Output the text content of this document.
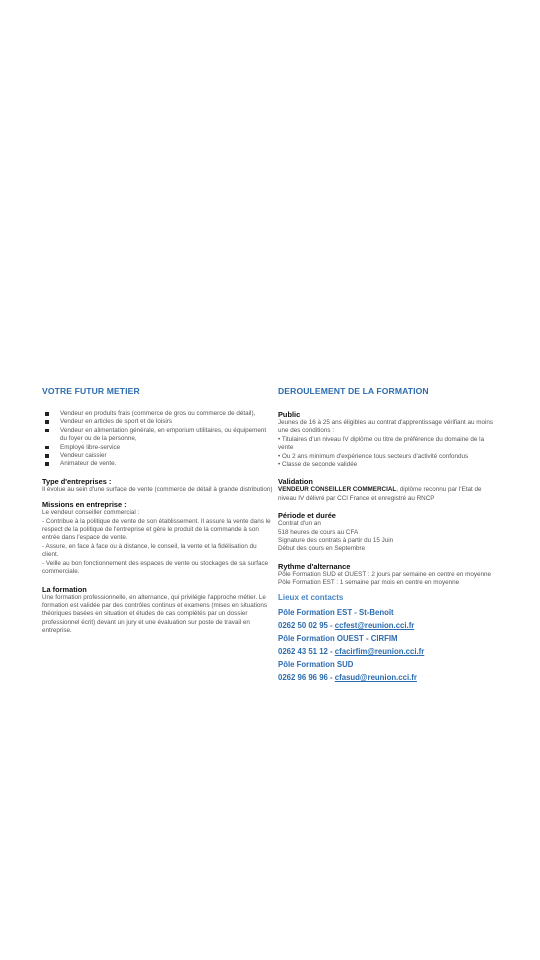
VOTRE FUTUR METIER
Vendeur en produits frais (commerce de gros ou commerce de détail),
Vendeur en articles de sport et de loisirs
Vendeur en alimentation générale, en emporium utilitaires, ou équipement du foyer ou de la personne,
Employé libre-service
Vendeur caissier
Animateur de vente.

Type d'entreprises :

Il évolue au sein d'une surface de vente (commerce de détail à grande distribution)

Missions en entreprise :

Le vendeur conseiller commercial :

- Contribue à la politique de vente de son établissement. Il assure la vente dans le respect de la politique de l'entreprise et gère le produit de la commande à son entrée dans l'espace de vente.

- Assure, en face à face ou à distance, le conseil, la vente et la fidélisation du client.

- Veille au bon fonctionnement des espaces de vente ou stockages de sa surface commerciale.

La formation

Une formation professionnelle, en alternance, qui privilégie l'approche métier. Le formation est validée par des contrôles continus et examens (mises en situations théoriques basées en situation et études de cas complétés par un dossier professionnel écrit) devant un jury et une évaluation sur poste de travail en entreprise.

DEROULEMENT DE LA FORMATION

Public

Jeunes de 16 à 25 ans éligibles au contrat d'apprentissage vérifiant au moins une des conditions :

• Titulaires d'un niveau IV diplôme ou titre de préférence du domaine de la vente

• Ou 2 ans minimum d'expérience tous secteurs d'activité confondus

• Classe de seconde validée

Validation

VENDEUR CONSEILLER COMMERCIAL, diplôme reconnu par l'Etat de niveau IV délivré par CCI France et enregistré au RNCP

Période et durée

Contrat d'un an

518 heures de cours au CFA

Signature des contrats à partir du 15 Juin

Début des cours en Septembre

Rythme d'alternance

Pôle Formation SUD et OUEST : 2 jours par semaine en centre en moyenne

Pôle Formation EST : 1 semaine par mois en centre en moyenne

Lieux et contacts

Pôle Formation EST - St-Benoît

0262 50 02 95 - ccfest@reunion.cci.fr

Pôle Formation OUEST - CIRFIM

0262 43 51 12 - cfacirfim@reunion.cci.fr

Pôle Formation SUD

0262 96 96 96 - cfasud@reunion.cci.fr
